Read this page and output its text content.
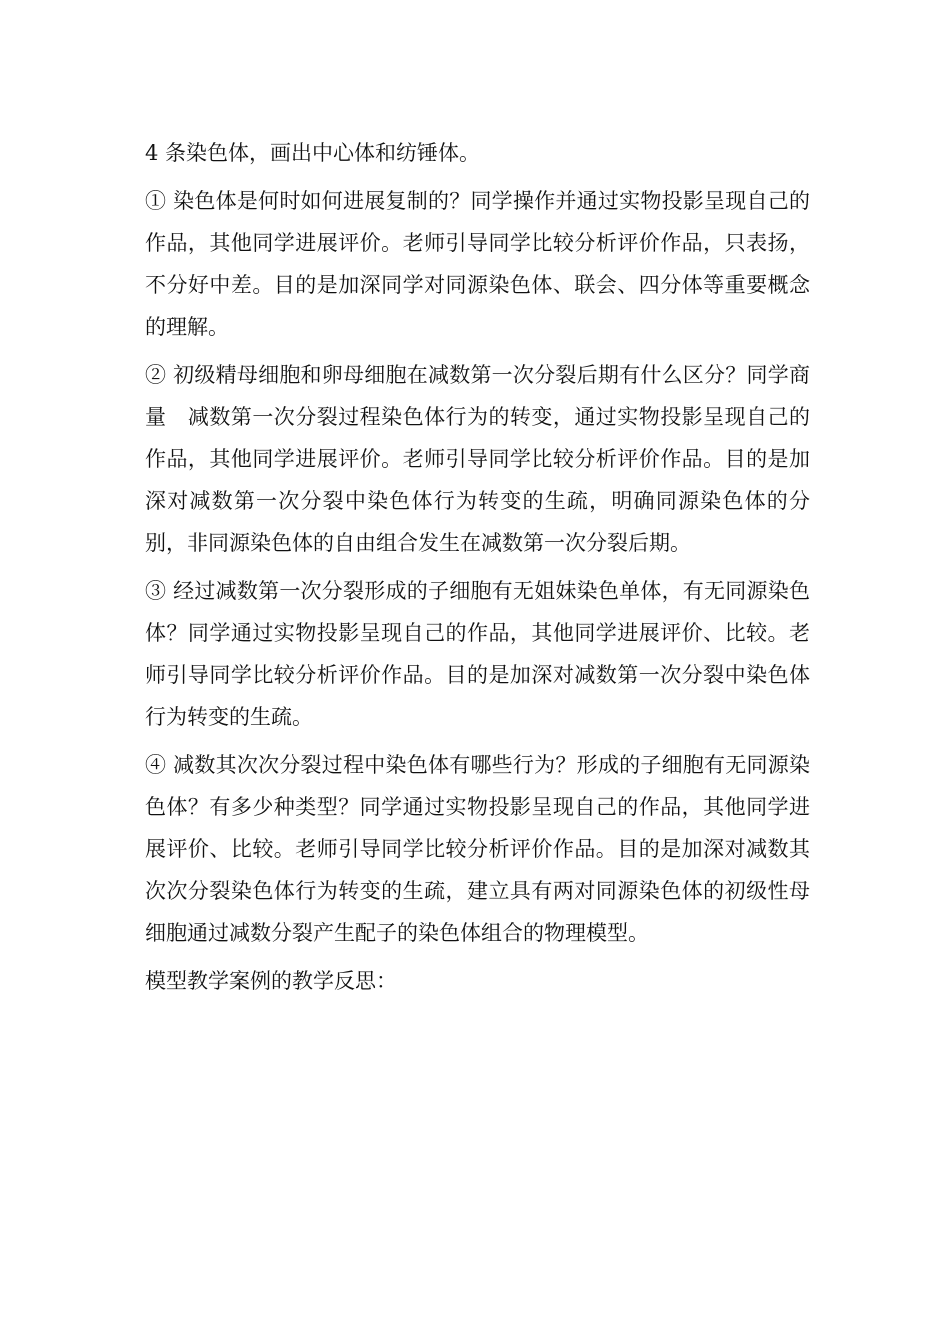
4 条染色体，画出中心体和纺锤体。

① 染色体是何时如何进展复制的？同学操作并通过实物投影呈现自己的作品，其他同学进展评价。老师引导同学比较分析评价作品，只表扬，不分好中差。目的是加深同学对同源染色体、联会、四分体等重要概念的理解。

② 初级精母细胞和卵母细胞在减数第一次分裂后期有什么区分？同学商量　减数第一次分裂过程染色体行为的转变，通过实物投影呈现自己的作品，其他同学进展评价。老师引导同学比较分析评价作品。目的是加深对减数第一次分裂中染色体行为转变的生疏，明确同源染色体的分别，非同源染色体的自由组合发生在减数第一次分裂后期。

③ 经过减数第一次分裂形成的子细胞有无姐妹染色单体，有无同源染色体？同学通过实物投影呈现自己的作品，其他同学进展评价、比较。老师引导同学比较分析评价作品。目的是加深对减数第一次分裂中染色体行为转变的生疏。

④ 减数其次次分裂过程中染色体有哪些行为？形成的子细胞有无同源染色体？有多少种类型？同学通过实物投影呈现自己的作品，其他同学进展评价、比较。老师引导同学比较分析评价作品。目的是加深对减数其次次分裂染色体行为转变的生疏，建立具有两对同源染色体的初级性母细胞通过减数分裂产生配子的染色体组合的物理模型。

模型教学案例的教学反思：
